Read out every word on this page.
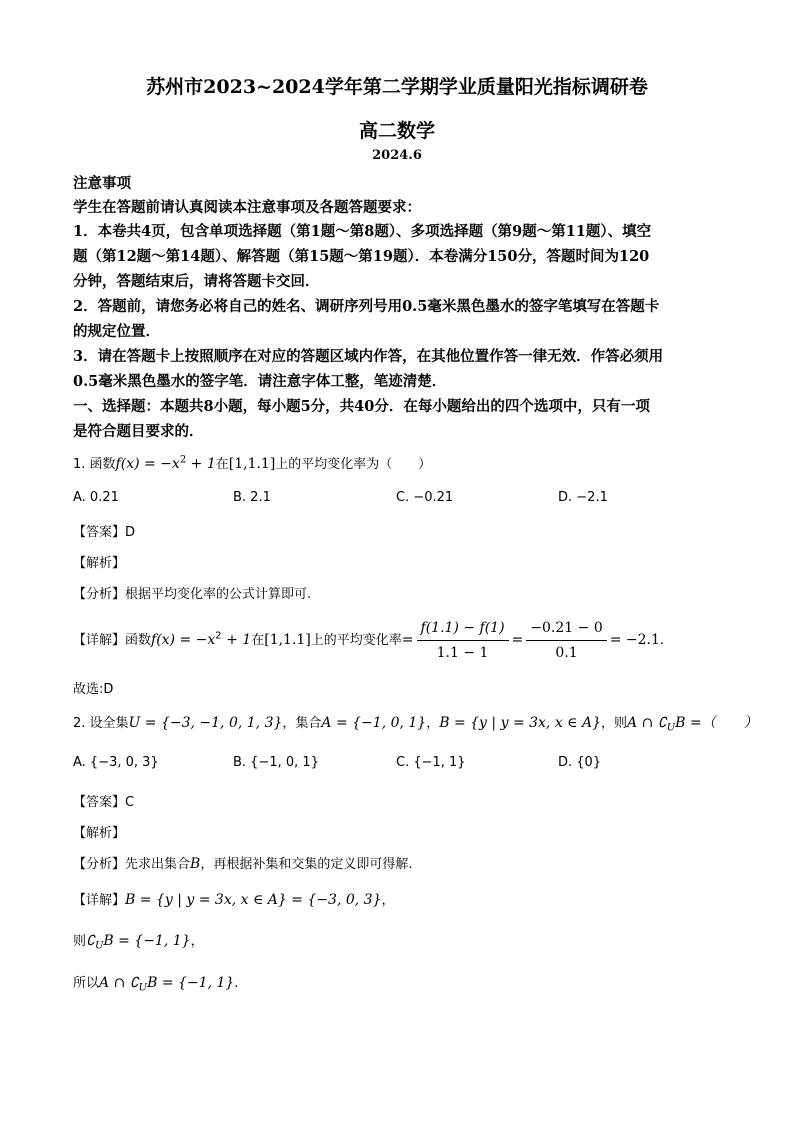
苏州市2023~2024学年第二学期学业质量阳光指标调研卷
高二数学
2024.6
注意事项
学生在答题前请认真阅读本注意事项及各题答题要求：
1．本卷共4页，包含单项选择题（第1题～第8题）、多项选择题（第9题～第11题）、填空
题（第12题～第14题）、解答题（第15题～第19题）．本卷满分150分，答题时间为120
分钟，答题结束后，请将答题卡交回．
2．答题前，请您务必将自己的姓名、调研序列号用0.5毫米黑色墨水的签字笔填写在答题卡
的规定位置．
3．请在答题卡上按照顺序在对应的答题区域内作答，在其他位置作答一律无效．作答必须用
0.5毫米黑色墨水的签字笔．请注意字体工整，笔迹清楚．
一、选择题：本题共8小题，每小题5分，共40分．在每小题给出的四个选项中，只有一项
是符合题目要求的．
1. 函数$f(x) = -x^2 + 1$在[1,1.1]上的平均变化率为（　　）
A. 0.21	B. 2.1	C. −0.21	D. −2.1
【答案】D
【解析】
【分析】根据平均变化率的公式计算即可.
【详解】函数$f(x) = -x^2 + 1$在[1,1.1]上的平均变化率= $\frac{f(1.1) - f(1)}{1.1 - 1} = \frac{-0.21 - 0}{0.1} = -2.1$.
故选:D
2. 设全集U = {−3, −1, 0, 1, 3}，集合A = {−1, 0, 1}，B = {y | y = 3x, x ∈ A}，则A ∩ $∁_UB$ =（　　）
A. {−3, 0, 3}	B. {−1, 0, 1}	C. {−1, 1}	D. {0}
【答案】C
【解析】
【分析】先求出集合B，再根据补集和交集的定义即可得解.
【详解】B = {y | y = 3x, x ∈ A} = {−3, 0, 3}，
则$∁_UB = \{-1$, 1}，
所以A ∩ $∁_UB = \{-1$, 1}.
